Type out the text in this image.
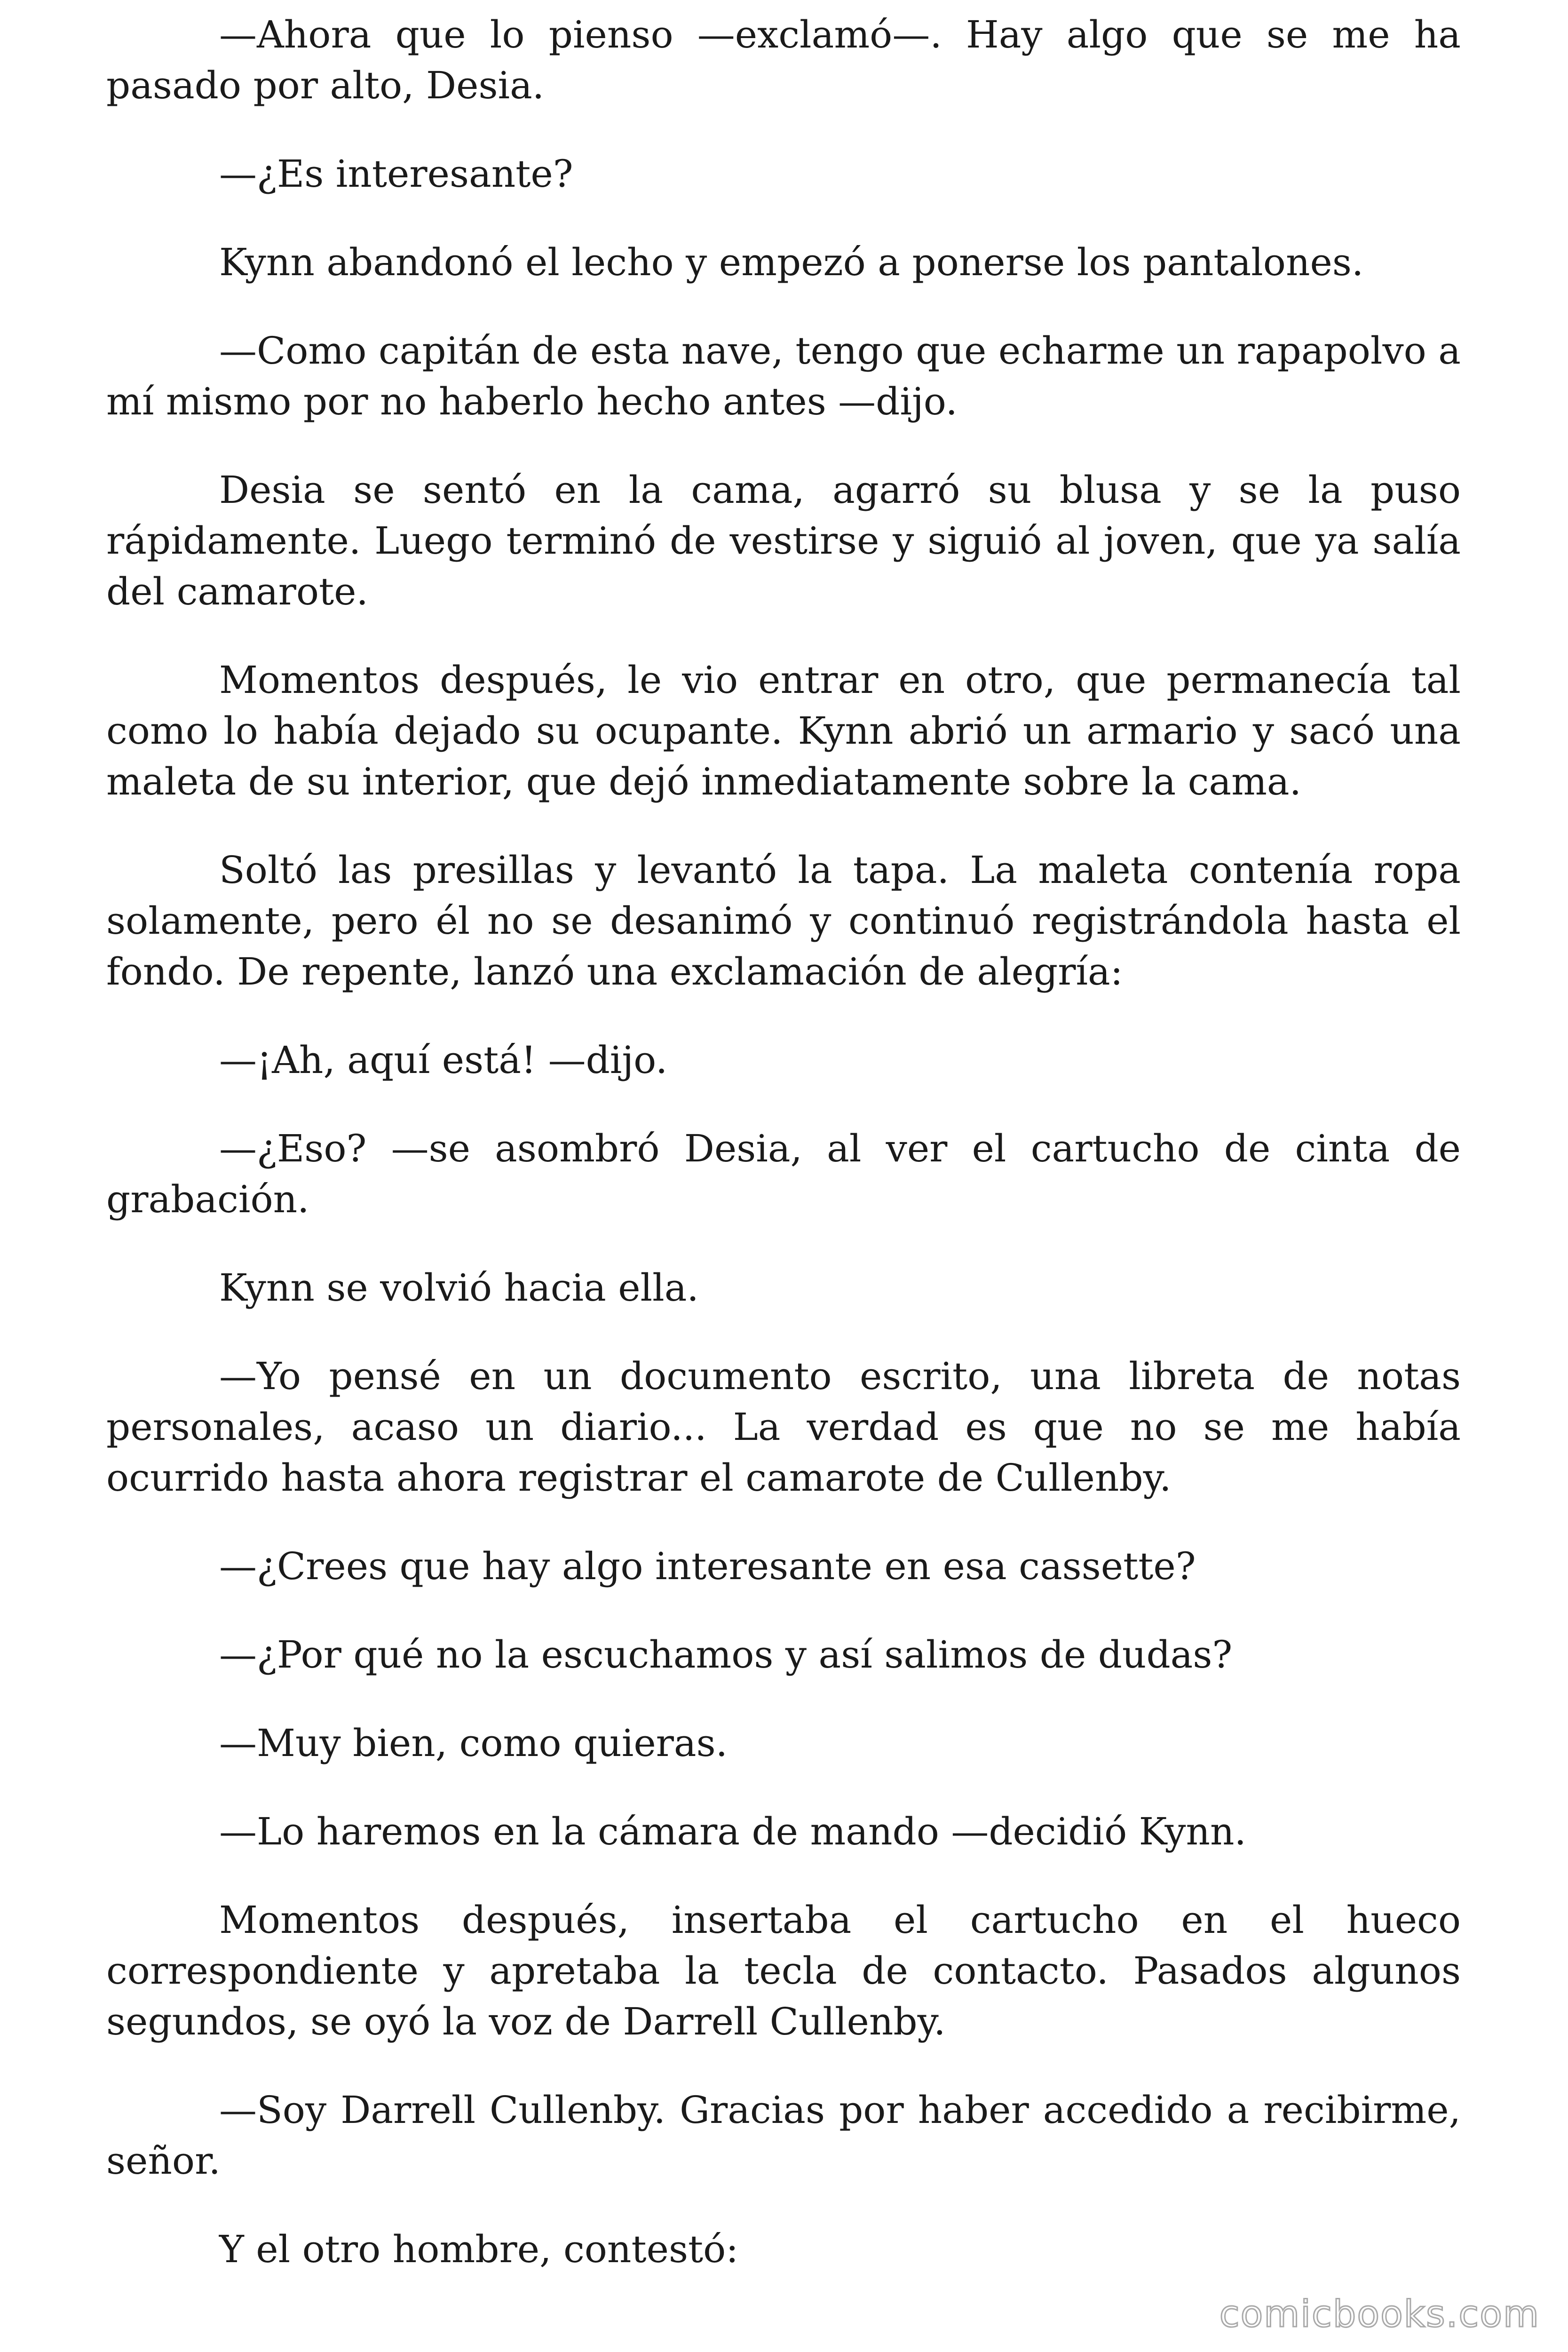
—Ahora que lo pienso —exclamó—. Hay algo que se me ha pasado por alto, Desia.

—¿Es interesante?

Kynn abandonó el lecho y empezó a ponerse los pantalones.

—Como capitán de esta nave, tengo que echarme un rapapolvo a mí mismo por no haberlo hecho antes —dijo.

Desia se sentó en la cama, agarró su blusa y se la puso rápidamente. Luego terminó de vestirse y siguió al joven, que ya salía del camarote.

Momentos después, le vio entrar en otro, que permanecía tal como lo había dejado su ocupante. Kynn abrió un armario y sacó una maleta de su interior, que dejó inmediatamente sobre la cama.

Soltó las presillas y levantó la tapa. La maleta contenía ropa solamente, pero él no se desanimó y continuó registrándola hasta el fondo. De repente, lanzó una exclamación de alegría:

—¡Ah, aquí está! —dijo.

—¿Eso? —se asombró Desia, al ver el cartucho de cinta de grabación.

Kynn se volvió hacia ella.

—Yo pensé en un documento escrito, una libreta de notas personales, acaso un diario... La verdad es que no se me había ocurrido hasta ahora registrar el camarote de Cullenby.

—¿Crees que hay algo interesante en esa cassette?

—¿Por qué no la escuchamos y así salimos de dudas?

—Muy bien, como quieras.

—Lo haremos en la cámara de mando —decidió Kynn.

Momentos después, insertaba el cartucho en el hueco correspondiente y apretaba la tecla de contacto. Pasados algunos segundos, se oyó la voz de Darrell Cullenby.

—Soy Darrell Cullenby. Gracias por haber accedido a recibirme, señor.

Y el otro hombre, contestó:

comicbooks.com
